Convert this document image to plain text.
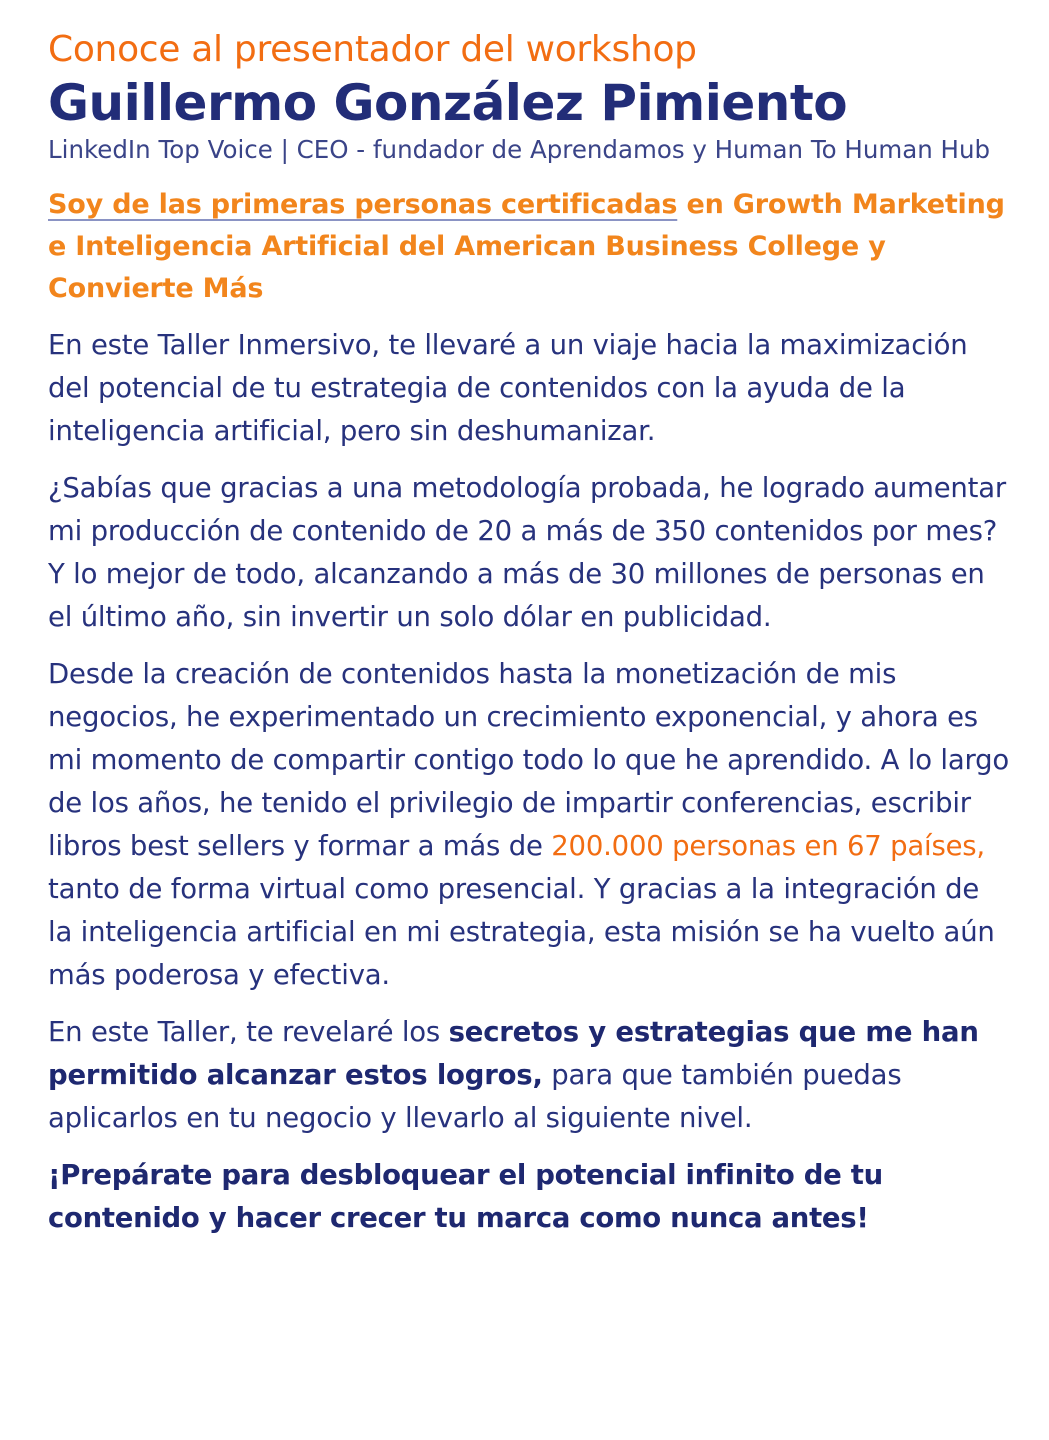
Conoce al presentador del workshop
Guillermo González Pimiento

LinkedIn Top Voice | CEO - fundador de Aprendamos y Human To Human Hub

Soy de las primeras personas certificadas en Growth Marketing e Inteligencia Artificial del American Business College y Convierte Más

En este Taller Inmersivo, te llevaré a un viaje hacia la maximización del potencial de tu estrategia de contenidos con la ayuda de la inteligencia artificial, pero sin deshumanizar.

¿Sabías que gracias a una metodología probada, he logrado aumentar mi producción de contenido de 20 a más de 350 contenidos por mes? Y lo mejor de todo, alcanzando a más de 30 millones de personas en el último año, sin invertir un solo dólar en publicidad.

Desde la creación de contenidos hasta la monetización de mis negocios, he experimentado un crecimiento exponencial, y ahora es mi momento de compartir contigo todo lo que he aprendido. A lo largo de los años, he tenido el privilegio de impartir conferencias, escribir libros best sellers y formar a más de 200.000 personas en 67 países, tanto de forma virtual como presencial. Y gracias a la integración de la inteligencia artificial en mi estrategia, esta misión se ha vuelto aún más poderosa y efectiva.

En este Taller, te revelaré los secretos y estrategias que me han permitido alcanzar estos logros, para que también puedas aplicarlos en tu negocio y llevarlo al siguiente nivel.

¡Prepárate para desbloquear el potencial infinito de tu contenido y hacer crecer tu marca como nunca antes!
